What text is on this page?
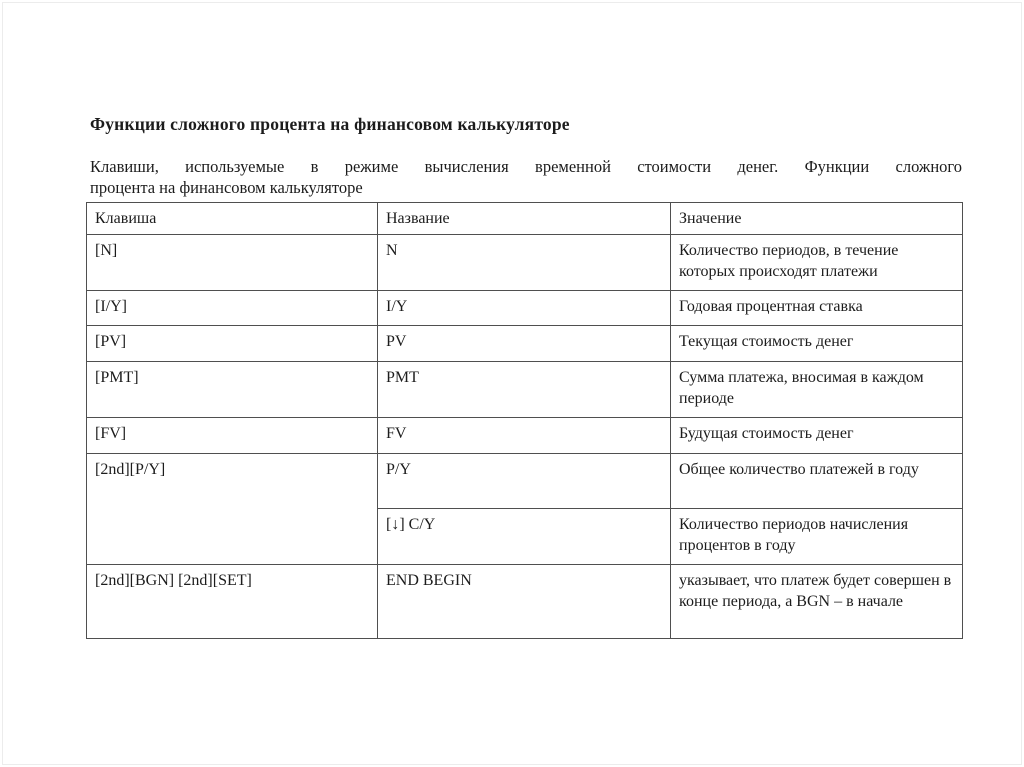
Функции сложного процента на финансовом калькуляторе
Клавиши, используемые в режиме вычисления временной стоимости денег. Функции сложного
процента на финансовом калькуляторе
Клавиша	Название	Значение
[N]	N	Количество периодов, в течение которых происходят платежи
[I/Y]	I/Y	Годовая процентная ставка
[PV]	PV	Текущая стоимость денег
[PMT]	PMT	Сумма платежа, вносимая в каждом периоде
[FV]	FV	Будущая стоимость денег
[2nd][P/Y]	P/Y	Общее количество платежей в году
	[↓] C/Y	Количество периодов начисления процентов в году
[2nd][BGN] [2nd][SET]	END BEGIN	указывает, что платеж будет совершен в конце периода, а BGN – в начале
